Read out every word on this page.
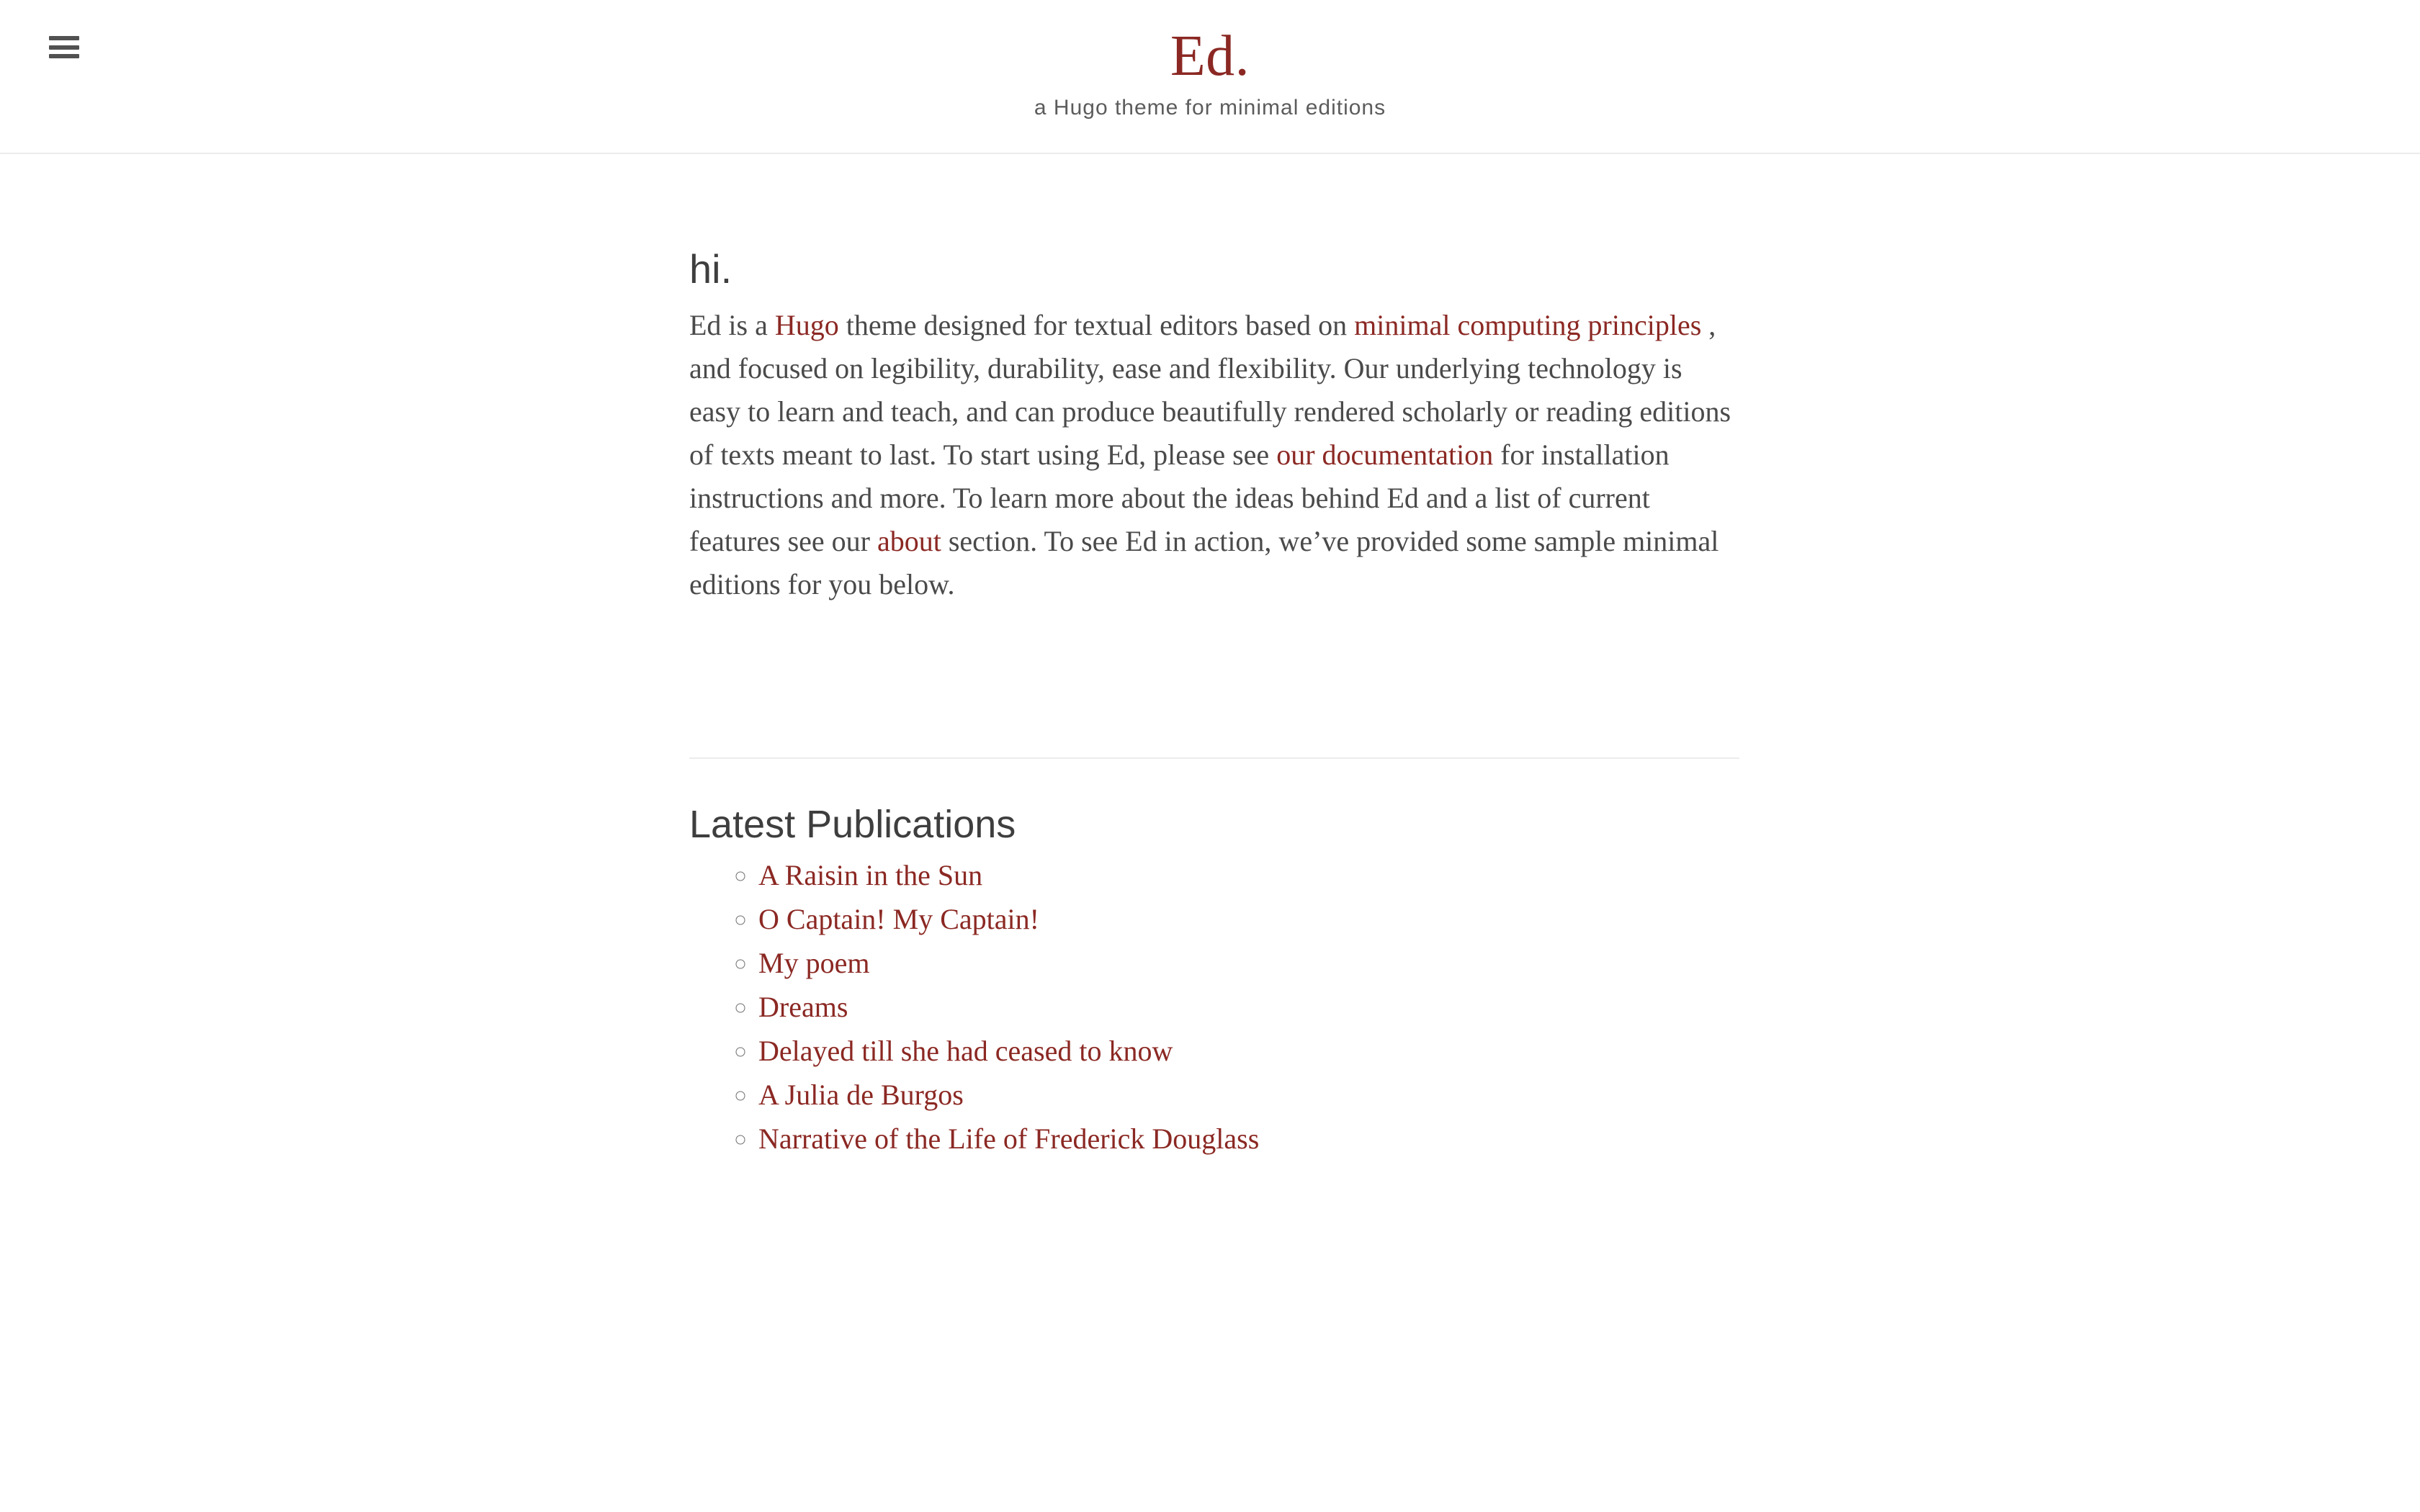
Ed.

a Hugo theme for minimal editions

hi.

Ed is a Hugo theme designed for textual editors based on minimal computing principles , and focused on legibility, durability, ease and flexibility. Our underlying technology is easy to learn and teach, and can produce beautifully rendered scholarly or reading editions of texts meant to last. To start using Ed, please see our documentation for installation instructions and more. To learn more about the ideas behind Ed and a list of current features see our about section. To see Ed in action, we’ve provided some sample minimal editions for you below.

Latest Publications
◦ A Raisin in the Sun
◦ O Captain! My Captain!
◦ My poem
◦ Dreams
◦ Delayed till she had ceased to know
◦ A Julia de Burgos
◦ Narrative of the Life of Frederick Douglass
